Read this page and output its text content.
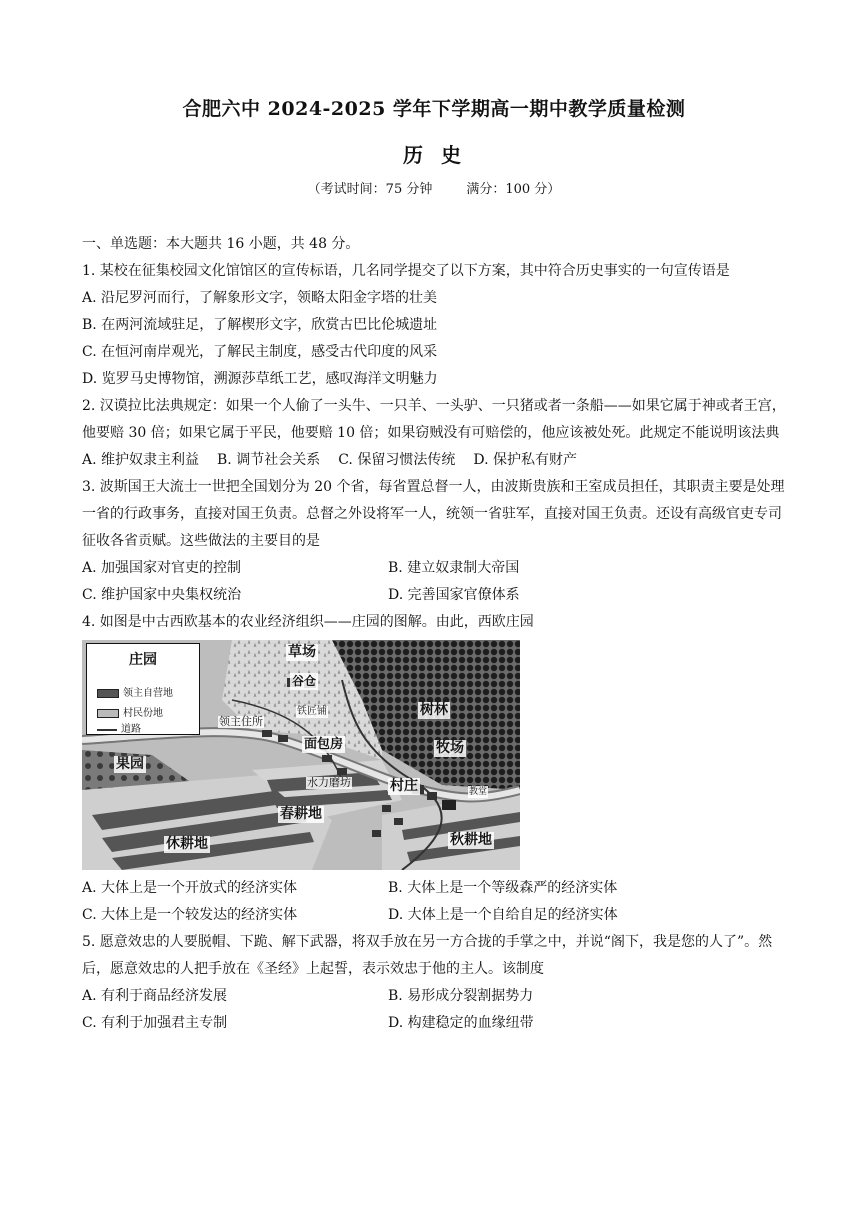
合肥六中 2024-2025 学年下学期高一期中教学质量检测
历史
（考试时间：75 分钟	满分：100 分）

一、单选题：本大题共 16 小题，共 48 分。

1. 某校在征集校园文化馆馆区的宣传标语，几名同学提交了以下方案，其中符合历史事实的一句宣传语是

A. 沿尼罗河而行，了解象形文字，领略太阳金字塔的壮美

B. 在两河流域驻足，了解楔形文字，欣赏古巴比伦城遗址

C. 在恒河南岸观光，了解民主制度，感受古代印度的风采

D. 览罗马史博物馆，溯源莎草纸工艺，感叹海洋文明魅力

2. 汉谟拉比法典规定：如果一个人偷了一头牛、一只羊、一头驴、一只猪或者一条船——如果它属于神或者王宫，他要赔 30 倍；如果它属于平民，他要赔 10 倍；如果窃贼没有可赔偿的，他应该被处死。此规定不能说明该法典

A. 维护奴隶主利益 B. 调节社会关系 C. 保留习惯法传统 D. 保护私有财产

3. 波斯国王大流士一世把全国划分为 20 个省，每省置总督一人，由波斯贵族和王室成员担任，其职责主要是处理一省的行政事务，直接对国王负责。总督之外设将军一人，统领一省驻军，直接对国王负责。还设有高级官吏专司征收各省贡赋。这些做法的主要目的是

A. 加强国家对官吏的控制	B. 建立奴隶制大帝国

C. 维护国家中央集权统治	D. 完善国家官僚体系

4. 如图是中古西欧基本的农业经济组织——庄园的图解。由此，西欧庄园

庄园
领主自营地
村民份地
道路
草场
谷仓
铁匠铺
领主住所
面包房
树林
牧场
果园
水力磨坊	村庄	教堂
春耕地
休耕地	秋耕地

A. 大体上是一个开放式的经济实体	B. 大体上是一个等级森严的经济实体

C. 大体上是一个较发达的经济实体	D. 大体上是一个自给自足的经济实体

5. 愿意效忠的人要脱帽、下跪、解下武器，将双手放在另一方合拢的手掌之中，并说“阁下，我是您的人了”。然后，愿意效忠的人把手放在《圣经》上起誓，表示效忠于他的主人。该制度

A. 有利于商品经济发展	B. 易形成分裂割据势力

C. 有利于加强君主专制	D. 构建稳定的血缘纽带
